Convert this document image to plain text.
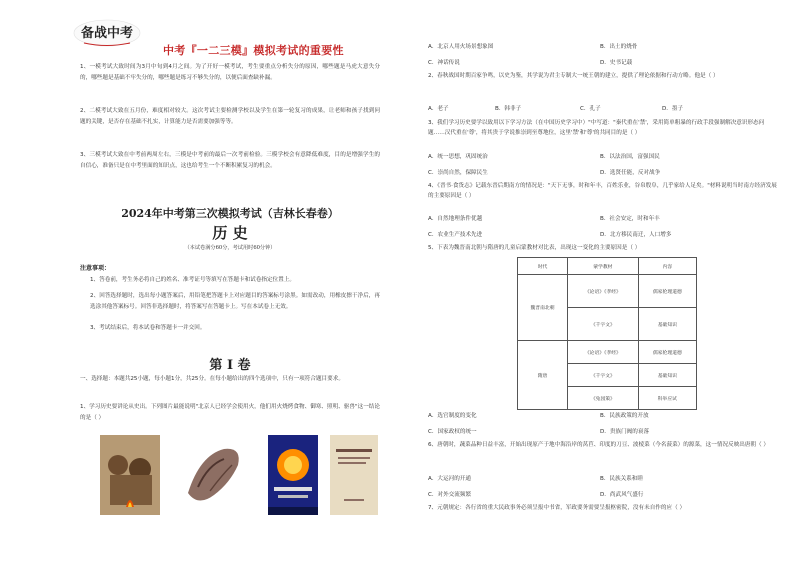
备战中考
中考『一二三模』模拟考试的重要性
1、一模考试大致时间为3月中旬到4月之间。为了开好一模考试，考生要重点分析失分的原因，哪些题是马虎大意失分的，哪些题是基础不牢失分的，哪些题是练习不够失分的，以便后面查缺补漏。
2、二模考试大致在五月份，难度相对较大。这次考试主要检测学校以及学生在第一轮复习的成果，让老师和孩子找到问题的关键，是否存在基础不扎实，计算能力是否需要加强等等。
3、三模考试大致在中考前两周左右，三模是中考前的最后一次考前检验。三模学校会有意降低难度，目的是增强学生的自信心，准备只是在中考里面的知识点，这也给考生一个不断积累复习的机会。
2024年中考第三次模拟考试（吉林长春卷）
历 史
（本试卷满分60分，考试用时60分钟）
注意事项：
1、答卷前，考生务必将自己的姓名、准考证号等填写在答题卡和试卷指定位置上。
2、回答选择题时，选出每小题答案后，用铅笔把答题卡上对应题目的答案标号涂黑。如需改动，用橡皮擦干净后，再选涂其他答案标号。回答非选择题时，将答案写在答题卡上。写在本试卷上无效。
3、考试结束后，将本试卷和答题卡一并交回。
第 I 卷
一、选择题：本题共25小题，每小题1分，共25分。在每小题给出的四个选项中，只有一项符合题目要求。
1、学习历史要讲论从史出。下列图片最能说明"北京人已经学会使用火，他们用火烧烤食物、御寒、照明、驱兽"这一结论的是（ ）
A．北京人用火场景想象图	B．出土的烧骨
C．神话传说	D．史书记载
2、春秋战国时期百家争鸣，以史为鉴，其学说为君主专制大一统王朝的建立，提供了理论依据和行动方略。他是（ ）
A．老子	B．韩非子	C．孔子	D．墨子
3、我们学习历史要学以致用以下学习方法（在中国历史学习中）"中写道："秦代重在'禁'，采用简单粗暴的行政手段强制解决意识形态问题……汉代重在'尊'，将其贵于学说推崇到至尊地位，这里'禁'和'尊'的共同目的是（ ）
A．统一思想，巩固统治	B．以法治国，富强国民
C．崇尚自然，保障民生	D．选贤任能，反对战争
4、《晋书·食货志》记载东晋后期南方的情况是："天下无事，时和年丰，百姓乐业，谷帛殷阜，几乎家给人足矣。"材料说明当时南方经济发展的主要原因是（ ）
A．自然地理条件优越	B．社会安定，时和年丰
C．农业生产技术先进	D．北方移民南迁，人口增多
5、下表为魏晋南北朝与隋唐的儿童启蒙教材对比表，出现这一变化的主要原因是（ ）
时代	蒙学教材	内容
魏晋南北朝	《论语》《孝经》	儒家伦理道德
	《千字文》	基础知识
隋唐	《论语》《孝经》	儒家伦理道德
	《千字文》	基础知识
	《兔园策》	科举应试
A．选官制度的变化	B．民族政策的开放
C．国家政权的统一	D．贵族门阀的衰落
6、唐朝时，蔬菜品种日益丰富，开始出现原产于地中海沿岸的莴苣、印度的刀豆、波棱菜（今名菠菜）的源菜，这一情况反映出唐朝（ ）
A．大运河的开通	B．民族关系和睦
C．对外交流频繁	D．尚武风气盛行
7、元朝规定：各行省的重大民政事务必须呈报中书省，军政要务需要呈报枢密院，没有未自作的应（ ）
